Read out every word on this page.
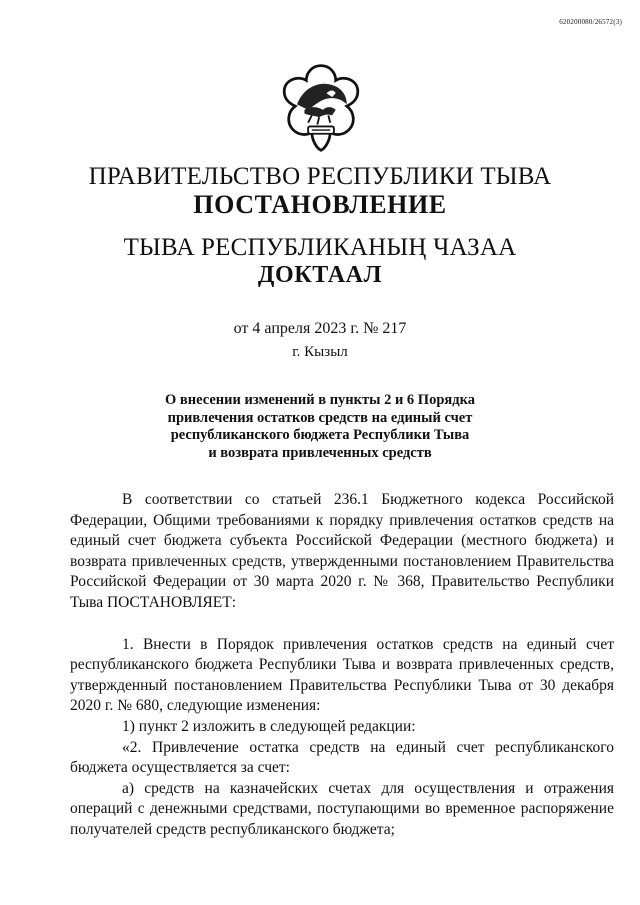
620200080/26572(3)
ПРАВИТЕЛЬСТВО РЕСПУБЛИКИ ТЫВА
ПОСТАНОВЛЕНИЕ
ТЫВА РЕСПУБЛИКАНЫҢ ЧАЗАА
ДОКТААЛ
от 4 апреля 2023 г. № 217
г. Кызыл
О внесении изменений в пункты 2 и 6 Порядка
привлечения остатков средств на единый счет
республиканского бюджета Республики Тыва
и возврата привлеченных средств

В соответствии со статьей 236.1 Бюджетного кодекса Российской Федерации, Общими требованиями к порядку привлечения остатков средств на единый счет бюджета субъекта Российской Федерации (местного бюджета) и возврата привлеченных средств, утвержденными постановлением Правительства Российской Федерации от 30 марта 2020 г. № 368, Правительство Республики Тыва ПОСТАНОВЛЯЕТ:

1. Внести в Порядок привлечения остатков средств на единый счет республиканского бюджета Республики Тыва и возврата привлеченных средств, утвержденный постановлением Правительства Республики Тыва от 30 декабря 2020 г. № 680, следующие изменения:

1) пункт 2 изложить в следующей редакции:

«2. Привлечение остатка средств на единый счет республиканского бюджета осуществляется за счет:

а) средств на казначейских счетах для осуществления и отражения операций с денежными средствами, поступающими во временное распоряжение получателей средств республиканского бюджета;
